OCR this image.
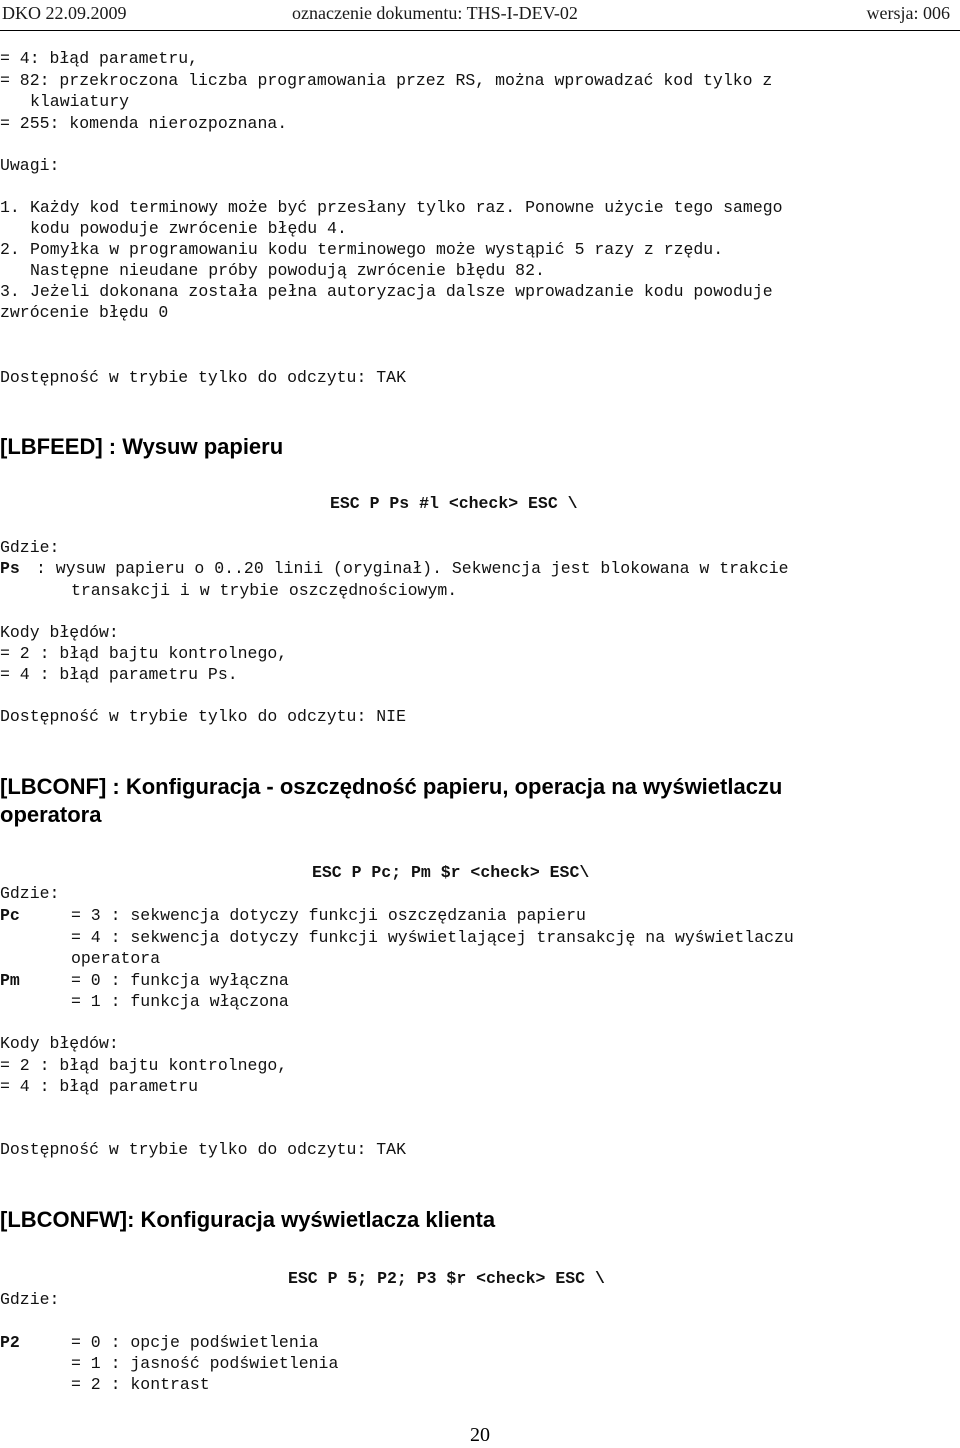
DKO 22.09.2009	oznaczenie dokumentu: THS-I-DEV-02	wersja: 006
= 4: błąd parametru,
= 82: przekroczona liczba programowania przez RS, można wprowadzać kod tylko z
klawiatury
= 255: komenda nierozpoznana.
Uwagi:
1. Każdy kod terminowy może być przesłany tylko raz. Ponowne użycie tego samego
kodu powoduje zwrócenie błędu 4.
2. Pomyłka w programowaniu kodu terminowego może wystąpić 5 razy z rzędu.
Następne nieudane próby powodują zwrócenie błędu 82.
3. Jeżeli dokonana została pełna autoryzacja dalsze wprowadzanie kodu powoduje
zwrócenie błędu 0
Dostępność w trybie tylko do odczytu: TAK
[LBFEED] : Wysuw papieru
ESC P Ps #l <check> ESC \
Gdzie:
Ps : wysuw papieru o 0..20 linii (oryginał). Sekwencja jest blokowana w trakcie
transakcji i w trybie oszczędnościowym.
Kody błędów:
= 2 : błąd bajtu kontrolnego,
= 4 : błąd parametru Ps.
Dostępność w trybie tylko do odczytu: NIE
[LBCONF] : Konfiguracja - oszczędność papieru, operacja na wyświetlaczu
operatora
ESC P Pc; Pm $r <check> ESC\
Gdzie:
Pc	= 3 : sekwencja dotyczy funkcji oszczędzania papieru
= 4 : sekwencja dotyczy funkcji wyświetlającej transakcję na wyświetlaczu
operatora
Pm	= 0 : funkcja wyłączna
= 1 : funkcja włączona
Kody błędów:
= 2 : błąd bajtu kontrolnego,
= 4 : błąd parametru
Dostępność w trybie tylko do odczytu: TAK
[LBCONFW]: Konfiguracja wyświetlacza klienta
ESC P 5; P2; P3 $r <check> ESC \
Gdzie:
P2	= 0 : opcje podświetlenia
= 1 : jasność podświetlenia
= 2 : kontrast
20
